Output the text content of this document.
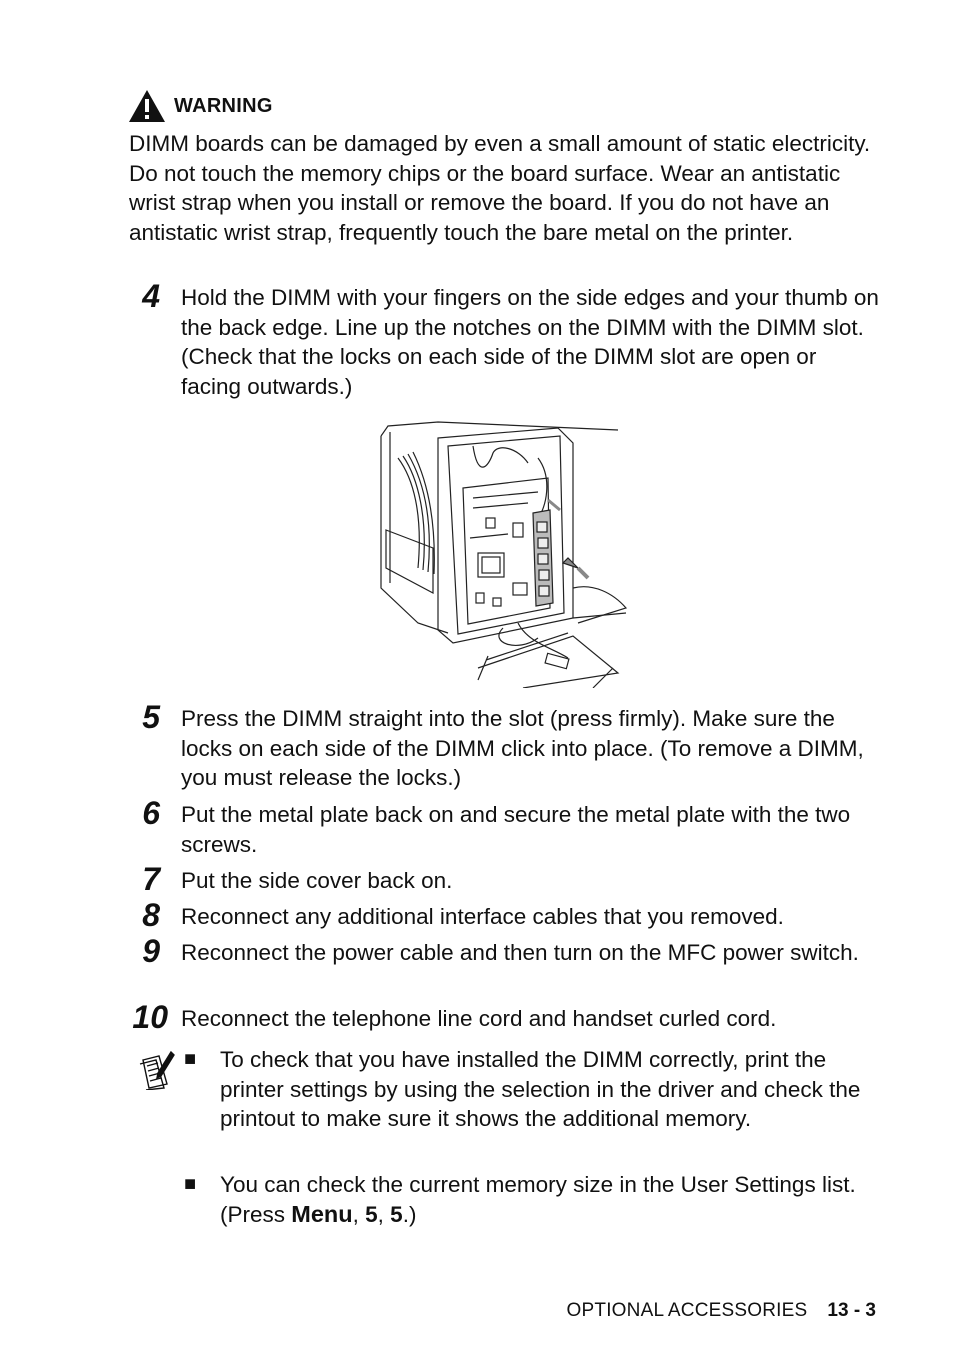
WARNING
DIMM boards can be damaged by even a small amount of static electricity. Do not touch the memory chips or the board surface. Wear an antistatic wrist strap when you install or remove the board. If you do not have an antistatic wrist strap, frequently touch the bare metal on the printer.
4 Hold the DIMM with your fingers on the side edges and your thumb on the back edge. Line up the notches on the DIMM with the DIMM slot. (Check that the locks on each side of the DIMM slot are open or facing outwards.)
5 Press the DIMM straight into the slot (press firmly). Make sure the locks on each side of the DIMM click into place. (To remove a DIMM, you must release the locks.)
6 Put the metal plate back on and secure the metal plate with the two screws.
7 Put the side cover back on.
8 Reconnect any additional interface cables that you removed.
9 Reconnect the power cable and then turn on the MFC power switch.
10 Reconnect the telephone line cord and handset curled cord.
■ To check that you have installed the DIMM correctly, print the printer settings by using the selection in the driver and check the printout to make sure it shows the additional memory.
■ You can check the current memory size in the User Settings list. (Press Menu, 5, 5.)
OPTIONAL ACCESSORIES 13 - 3
